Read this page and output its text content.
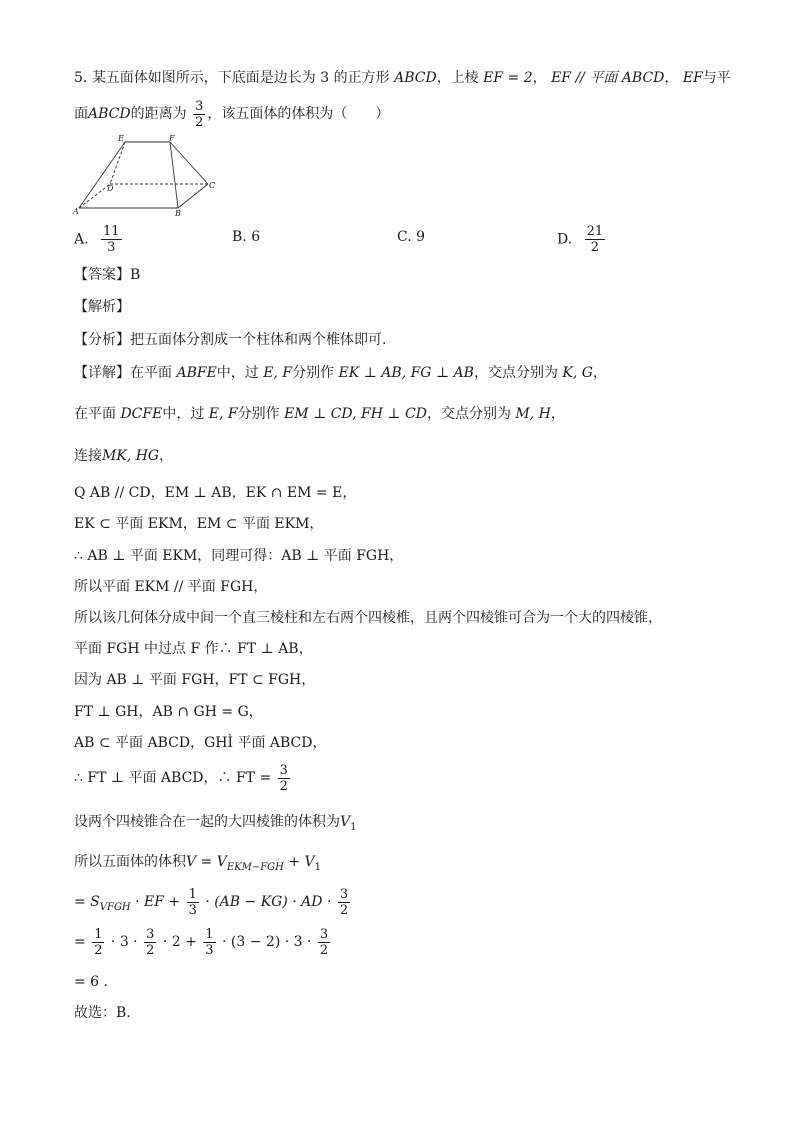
5. 某五面体如图所示，下底面是边长为 3 的正方形 ABCD，上棱 EF = 2， EF // 平面 ABCD， EF与平
面ABCD的距离为 $\frac{3}{2}$ ，该五面体的体积为（　　）
E	F
D	C
A	B
A. $\frac{11}{3}$	B. 6	C. 9	D. $\frac{21}{2}$
【答案】B
【解析】
【分析】把五面体分割成一个柱体和两个椎体即可.
【详解】在平面 ABFE中，过 E, F分别作 EK ⊥ AB, FG ⊥ AB，交点分别为 K, G，
在平面 DCFE中，过 E, F分别作 EM ⊥ CD, FH ⊥ CD，交点分别为 M, H，
连接MK, HG，
Q AB // CD，EM ⊥ AB，EK ∩ EM = E，
EK ⊂ 平面 EKM，EM ⊂ 平面 EKM，
∴ AB ⊥ 平面 EKM，同理可得：AB ⊥ 平面 FGH，
所以平面 EKM // 平面 FGH，
所以该几何体分成中间一个直三棱柱和左右两个四棱椎，且两个四棱锥可合为一个大的四棱锥，
平面 FGH 中过点 F 作∴ FT ⊥ AB，
因为 AB ⊥ 平面 FGH，FT ⊂ FGH，
FT ⊥ GH，AB ∩ GH = G，
AB ⊂ 平面 ABCD，GHÌ 平面 ABCD，
∴ FT ⊥ 平面 ABCD，∴ FT = $\frac{3}{2}$
设两个四棱锥合在一起的大四棱锥的体积为$V_1$
所以五面体的体积$V = V_{EKM-FGH} + V_1$
= $S_{VFGH}$ · EF + $\frac{1}{3} \cdot (AB - KG)$ · AD · $\frac{3}{2}$
= $\frac{1}{2} \cdot 3 \cdot \frac{3}{2} \cdot 2 + \frac{1}{3} \cdot (3 - 2) \cdot 3 \cdot \frac{3}{2}$
= 6 .
故选：B.
